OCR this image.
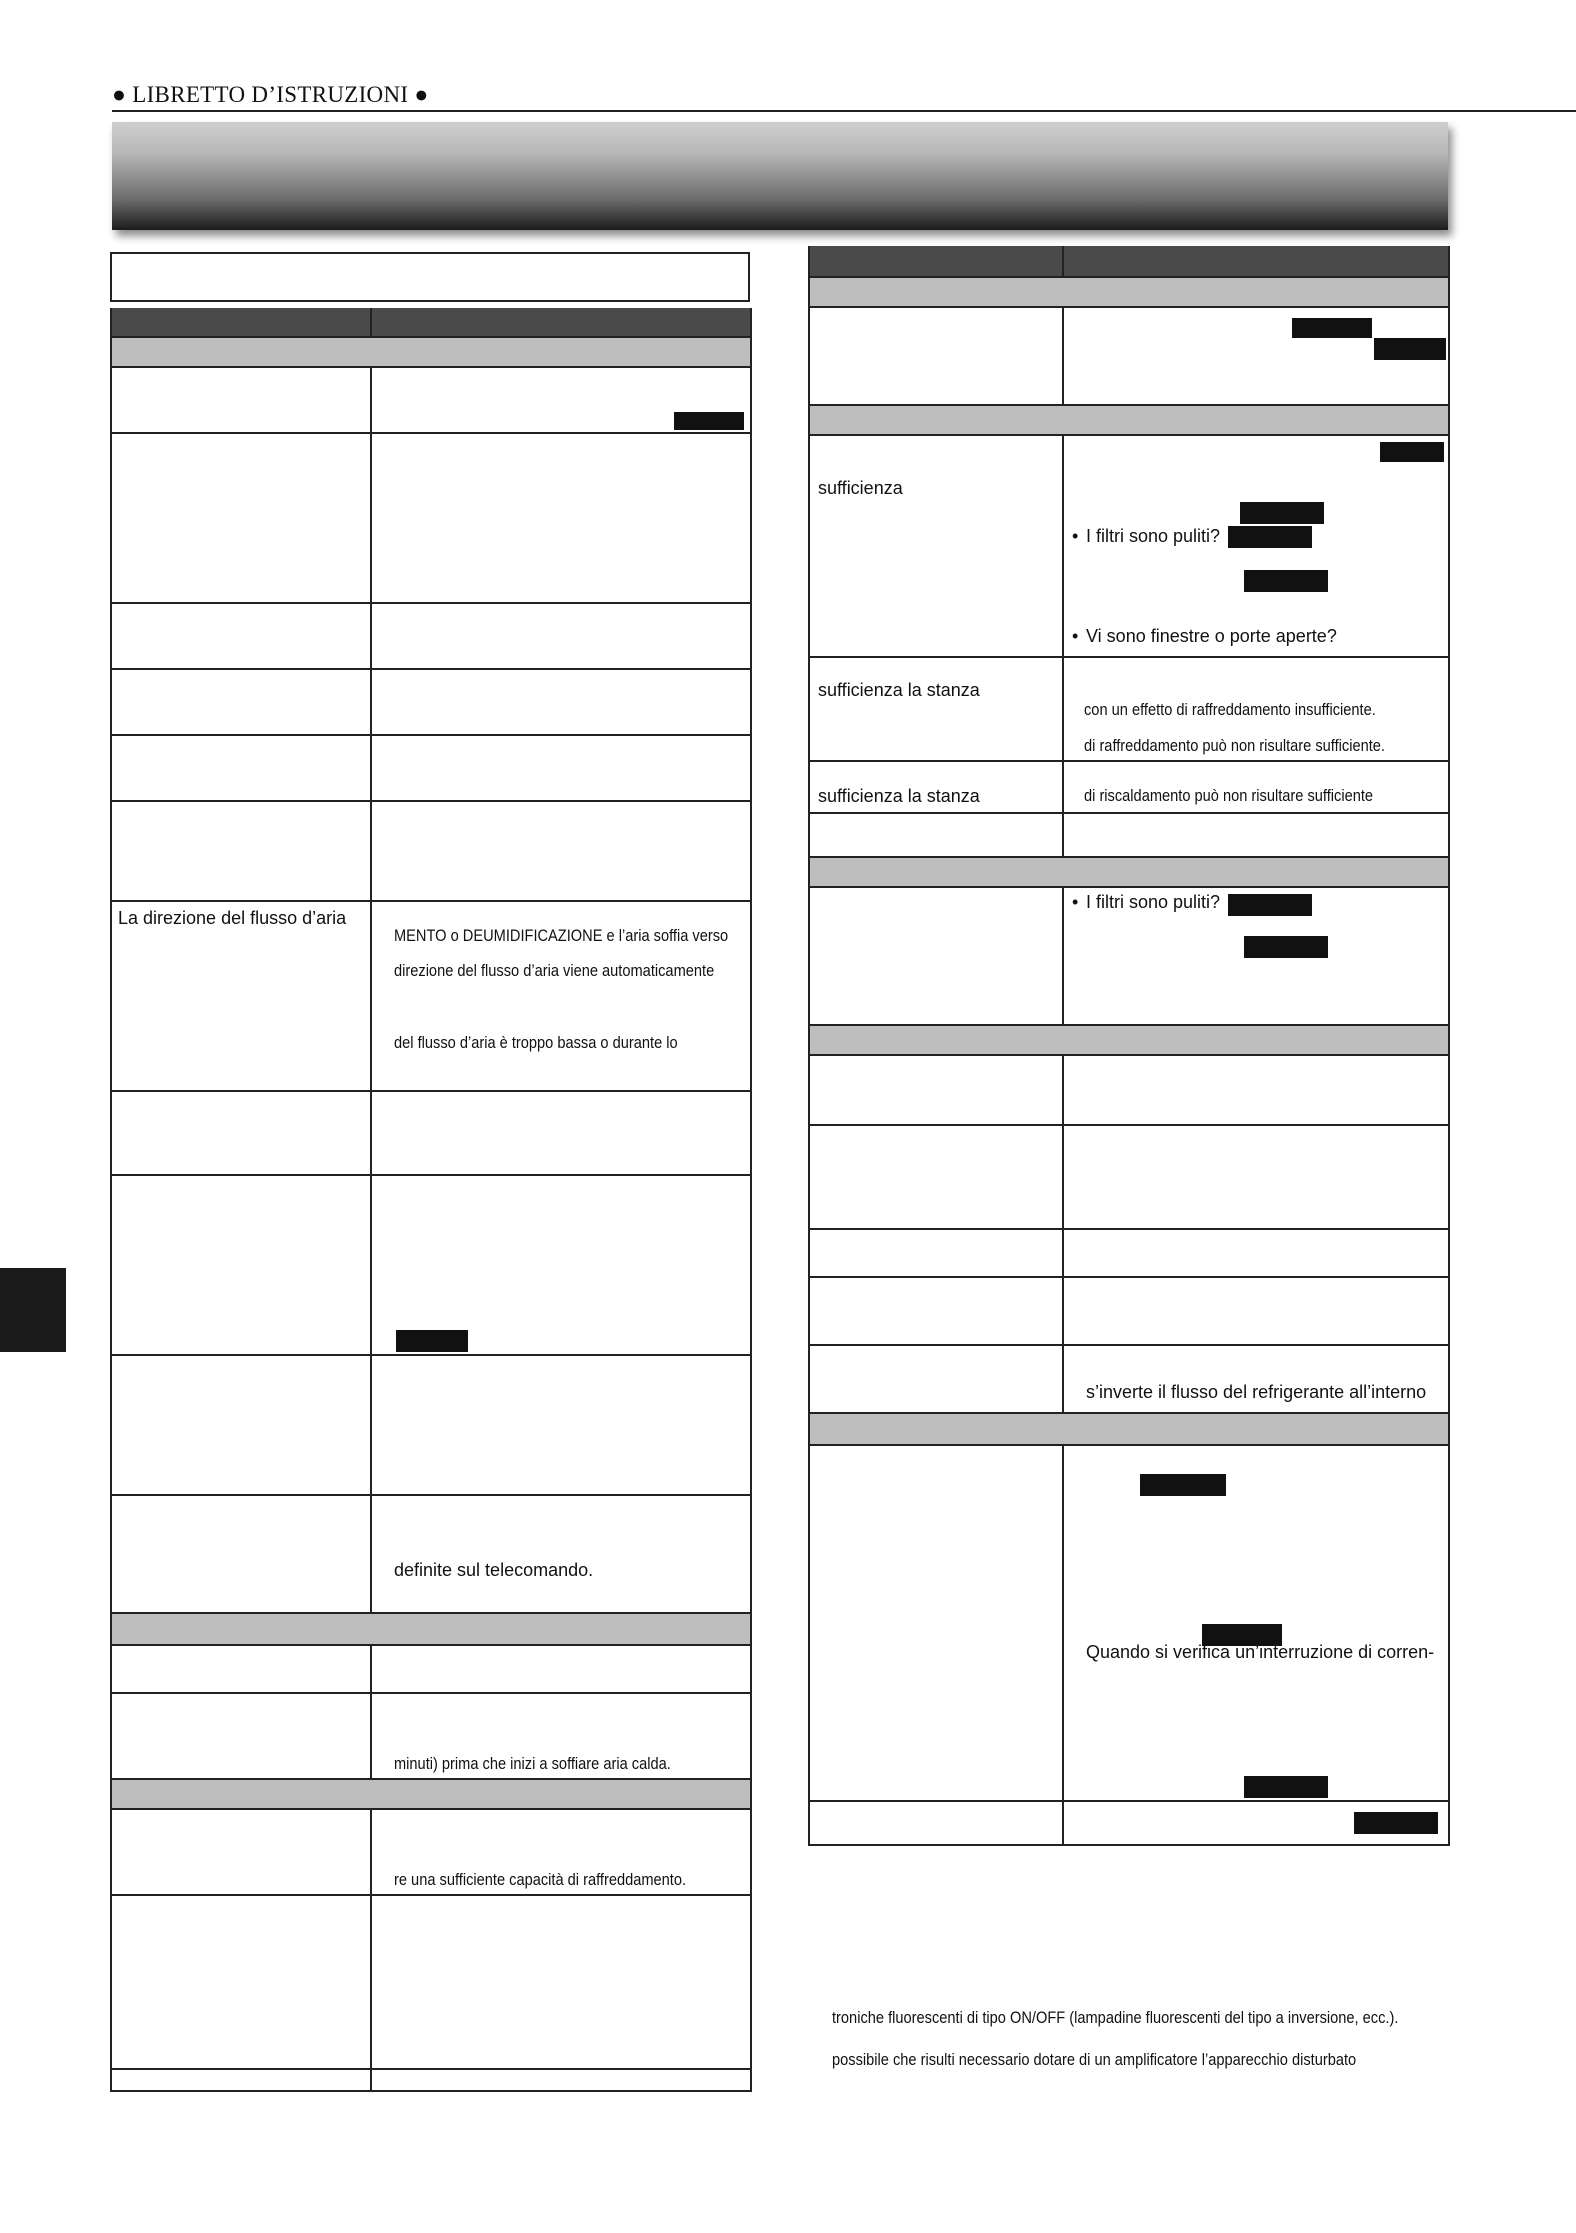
● LIBRETTO D’ISTRUZIONI ●
La direzione del flusso d’aria
MENTO o DEUMIDIFICAZIONE e l’aria soffia verso
direzione del flusso d’aria viene automaticamente
del flusso d’aria è troppo bassa o durante lo
definite sul telecomando.
minuti) prima che inizi a soffiare aria calda.
re una sufficiente capacità di raffreddamento.
sufficienza
• I filtri sono puliti?
• Vi sono finestre o porte aperte?
sufficienza la stanza
con un effetto di raffreddamento insufficiente.
di raffreddamento può non risultare sufficiente.
sufficienza la stanza	di riscaldamento può non risultare sufficiente
• I filtri sono puliti?
s’inverte il flusso del refrigerante all’interno
Quando si verifica un’interruzione di corren-
troniche fluorescenti di tipo ON/OFF (lampadine fluorescenti del tipo a inversione, ecc.).
possibile che risulti necessario dotare di un amplificatore l’apparecchio disturbato
